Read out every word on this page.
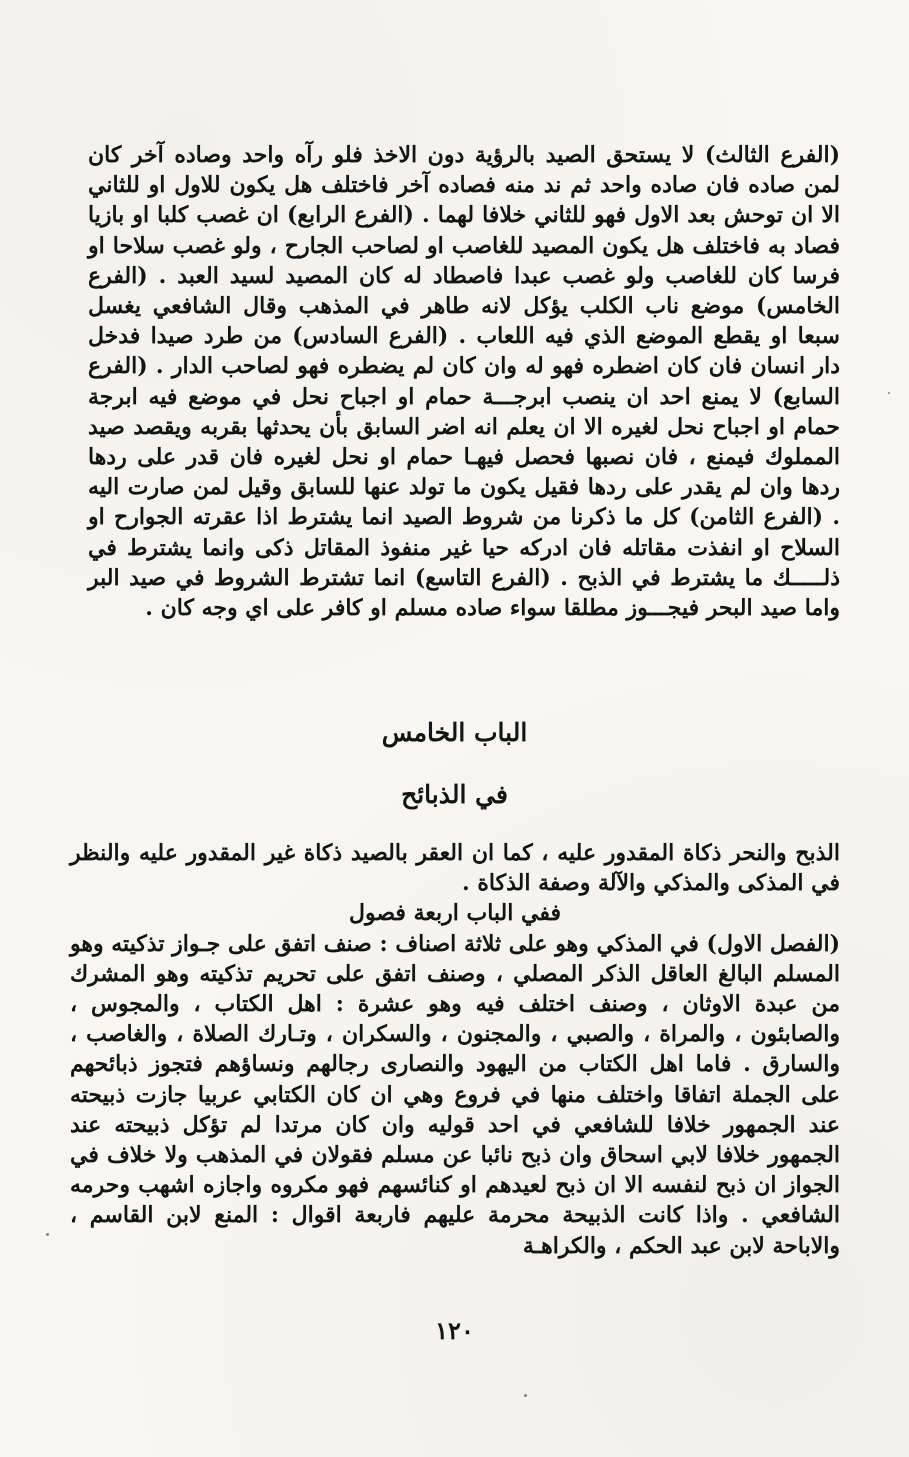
(الفرع الثالث) لا يستحق الصيد بالرؤية دون الاخذ فلو رآه واحد وصاده آخر كان لمن صاده فان صاده واحد ثم ند منه فصاده آخر فاختلف هل يكون للاول او للثاني الا ان توحش بعد الاول فهو للثاني خلافا لهما . (الفرع الرابع) ان غصب كلبا او بازيا فصاد به فاختلف هل يكون المصيد للغاصب او لصاحب الجارح ، ولو غصب سلاحا او فرسا كان للغاصب ولو غصب عبدا فاصطاد له كان المصيد لسيد العبد . (الفرع الخامس) موضع ناب الكلب يؤكل لانه طاهر في المذهب وقال الشافعي يغسل سبعا او يقطع الموضع الذي فيه اللعاب . (الفرع السادس) من طرد صيدا فدخل دار انسان فان كان اضطره فهو له وان كان لم يضطره فهو لصاحب الدار . (الفرع السابع) لا يمنع احد ان ينصب ابرجـــة حمام او اجباح نحل في موضع فيه ابرجة حمام او اجباح نحل لغيره الا ان يعلم انه اضر السابق بأن يحدثها بقربه ويقصد صيد المملوك فيمنع ، فان نصبها فحصل فيهـا حمام او نحل لغيره فان قدر على ردها ردها وان لم يقدر على ردها فقيل يكون ما تولد عنها للسابق وقيل لمن صارت اليه . (الفرع الثامن) كل ما ذكرنا من شروط الصيد انما يشترط اذا عقرته الجوارح او السلاح او انفذت مقاتله فان ادركه حيا غير منفوذ المقاتل ذكى وانما يشترط في ذلـــــك ما يشترط في الذبح . (الفرع التاسع) انما تشترط الشروط في صيد البر واما صيد البحر فيجـــوز مطلقا سواء صاده مسلم او كافر على اي وجه كان .

الباب الخامس
في الذبائح

الذبح والنحر ذكاة المقدور عليه ، كما ان العقر بالصيد ذكاة غير المقدور عليه والنظر في المذكى والمذكي والآلة وصفة الذكاة .

ففي الباب اربعة فصول

(الفصل الاول) في المذكي وهو على ثلاثة اصناف : صنف اتفق على جـواز تذكيته وهو المسلم البالغ العاقل الذكر المصلي ، وصنف اتفق على تحريم تذكيته وهو المشرك من عبدة الاوثان ، وصنف اختلف فيه وهو عشرة : اهل الكتاب ، والمجوس ، والصابئون ، والمراة ، والصبي ، والمجنون ، والسكران ، وتـارك الصلاة ، والغاصب ، والسارق . فاما اهل الكتاب من اليهود والنصارى رجالهم ونساؤهم فتجوز ذبائحهم على الجملة اتفاقا واختلف منها في فروع وهي ان كان الكتابي عربيا جازت ذبيحته عند الجمهور خلافا للشافعي في احد قوليه وان كان مرتدا لم تؤكل ذبيحته عند الجمهور خلافا لابي اسحاق وان ذبح نائبا عن مسلم فقولان في المذهب ولا خلاف في الجواز ان ذبح لنفسه الا ان ذبح لعيدهم او كنائسهم فهو مكروه واجازه اشهب وحرمه الشافعي . واذا كانت الذبيحة محرمة عليهم فاربعة اقوال : المنع لابن القاسم ، والاباحة لابن عبد الحكم ، والكراهـة

١٢٠
